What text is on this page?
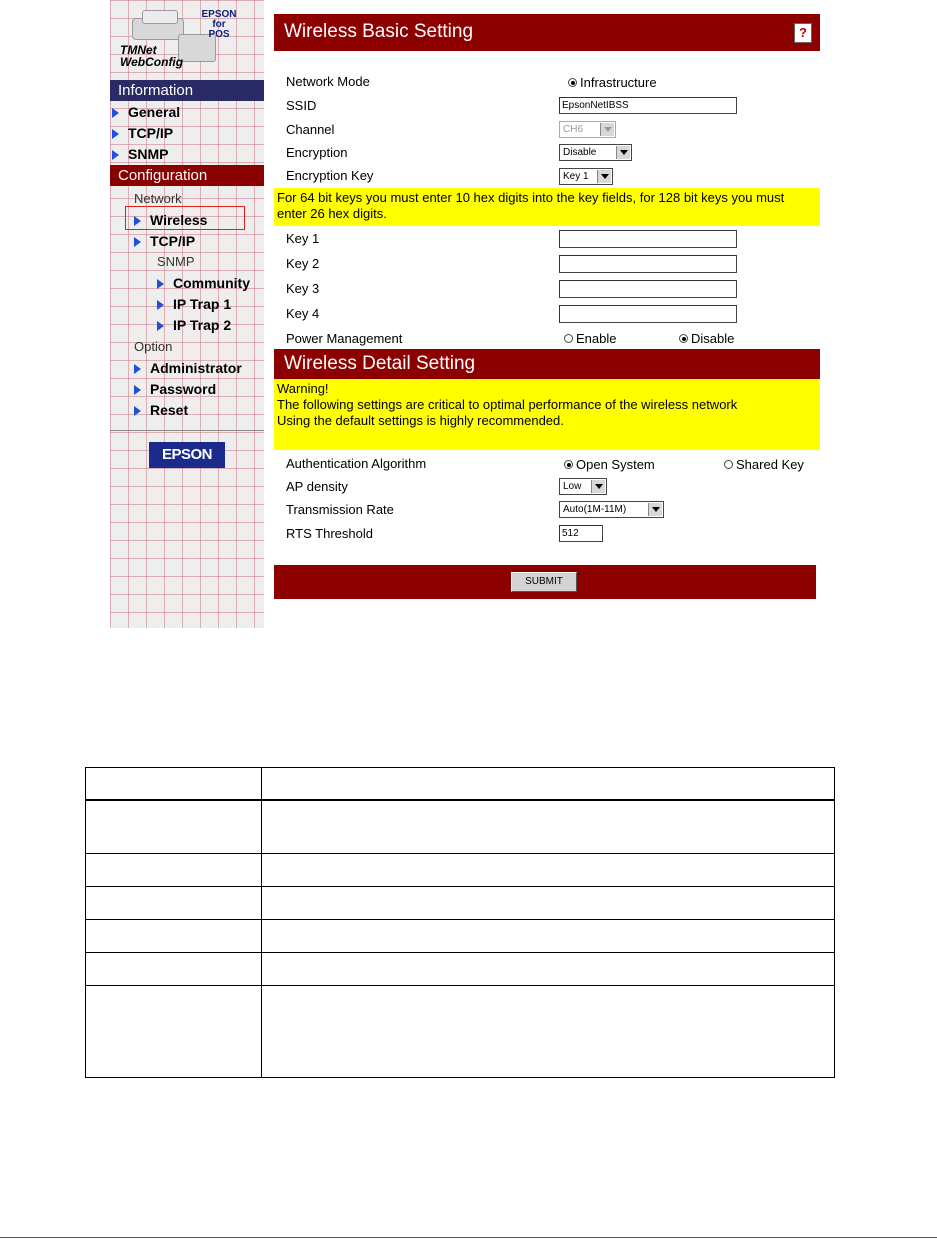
EPSON
for
POS
TMNet
WebConfig
Information
General
TCP/IP
SNMP
Configuration
Network
Wireless
TCP/IP
SNMP
Community
IP Trap 1
IP Trap 2
Option
Administrator
Password
Reset
EPSON
Wireless Basic Setting	?
Network Mode	Infrastructure
SSID	EpsonNetIBSS
Channel	CH6
Encryption	Disable
Encryption Key	Key 1
For 64 bit keys you must enter 10 hex digits into the key fields, for 128 bit keys you must enter 26 hex digits.
Key 1
Key 2
Key 3
Key 4
Power Management	Enable	Disable
Wireless Detail Setting
Warning!
The following settings are critical to optimal performance of the wireless network
Using the default settings is highly recommended.
Authentication Algorithm	Open System	Shared Key
AP density	Low
Transmission Rate	Auto(1M-11M)
RTS Threshold	512
SUBMIT
